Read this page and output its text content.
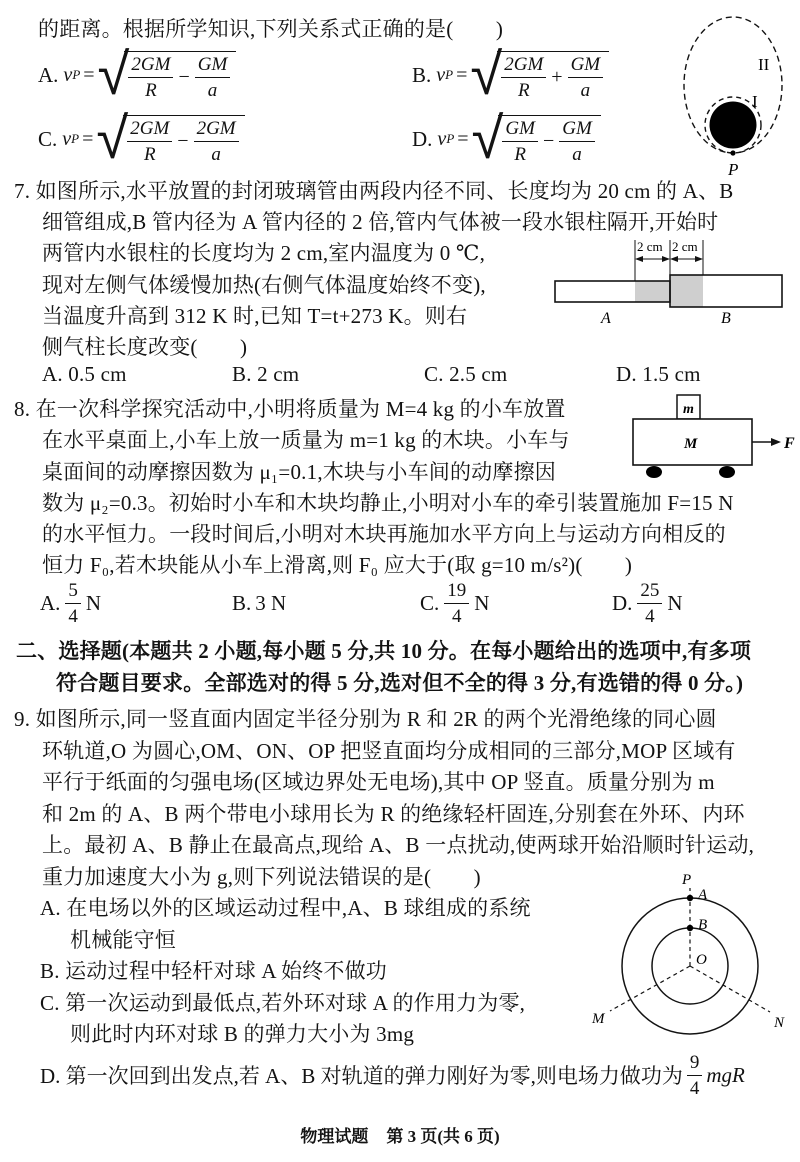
的距离。根据所学知识,下列关系式正确的是(　　)
A. v P = √ $\frac{2GM}{R} - \frac{GM}{a}$	B. v P = √ $\frac{2GM}{R} + \frac{GM}{a}$
C. v P = √ $\frac{2GM}{R} - \frac{2GM}{a}$	D. v P = √ $\frac{GM}{R} - \frac{GM}{a}$
II
I
P
7. 如图所示,水平放置的封闭玻璃管由两段内径不同、长度均为 20 cm 的 A、B
细管组成,B 管内径为 A 管内径的 2 倍,管内气体被一段水银柱隔开,开始时
两管内水银柱的长度均为 2 cm,室内温度为 0 ℃,
现对左侧气体缓慢加热(右侧气体温度始终不变),
当温度升高到 312 K 时,已知 T=t+273 K。则右
侧气柱长度改变(　　)
A. 0.5 cm	B. 2 cm	C. 2.5 cm	D. 1.5 cm
2 cm 2 cm
A	B
8. 在一次科学探究活动中,小明将质量为 M=4 kg 的小车放置
在水平桌面上,小车上放一质量为 m=1 kg 的木块。小车与
桌面间的动摩擦因数为 μ₁=0.1,木块与小车间的动摩擦因
数为 μ₂=0.3。初始时小车和木块均静止,小明对小车的牵引装置施加 F=15 N
的水平恒力。一段时间后,小明对木块再施加水平方向上与运动方向相反的
恒力 F₀,若木块能从小车上滑离,则 F₀ 应大于(取 g=10 m/s²)(　　)
A. $\frac{5}{4}$ N	B. 3 N	C. $\frac{19}{4}$ N	D. $\frac{25}{4}$ N
m
M	F
二、选择题(本题共 2 小题,每小题 5 分,共 10 分。在每小题给出的选项中,有多项
符合题目要求。全部选对的得 5 分,选对但不全的得 3 分,有选错的得 0 分。)
9. 如图所示,同一竖直面内固定半径分别为 R 和 2R 的两个光滑绝缘的同心圆
环轨道,O 为圆心,OM、ON、OP 把竖直面均分成相同的三部分,MOP 区域有
平行于纸面的匀强电场(区域边界处无电场),其中 OP 竖直。质量分别为 m
和 2m 的 A、B 两个带电小球用长为 R 的绝缘轻杆固连,分别套在外环、内环
上。最初 A、B 静止在最高点,现给 A、B 一点扰动,使两球开始沿顺时针运动,
重力加速度大小为 g,则下列说法错误的是(　　)
A. 在电场以外的区域运动过程中,A、B 球组成的系统
机械能守恒
B. 运动过程中轻杆对球 A 始终不做功
C. 第一次运动到最低点,若外环对球 A 的作用力为零,
则此时内环对球 B 的弹力大小为 3mg
D. 第一次回到出发点,若 A、B 对轨道的弹力刚好为零,则电场力做功为 $\frac{9}{4}$ mgR
P
A
B
O
M	N
物理试题 第 3 页(共 6 页)
